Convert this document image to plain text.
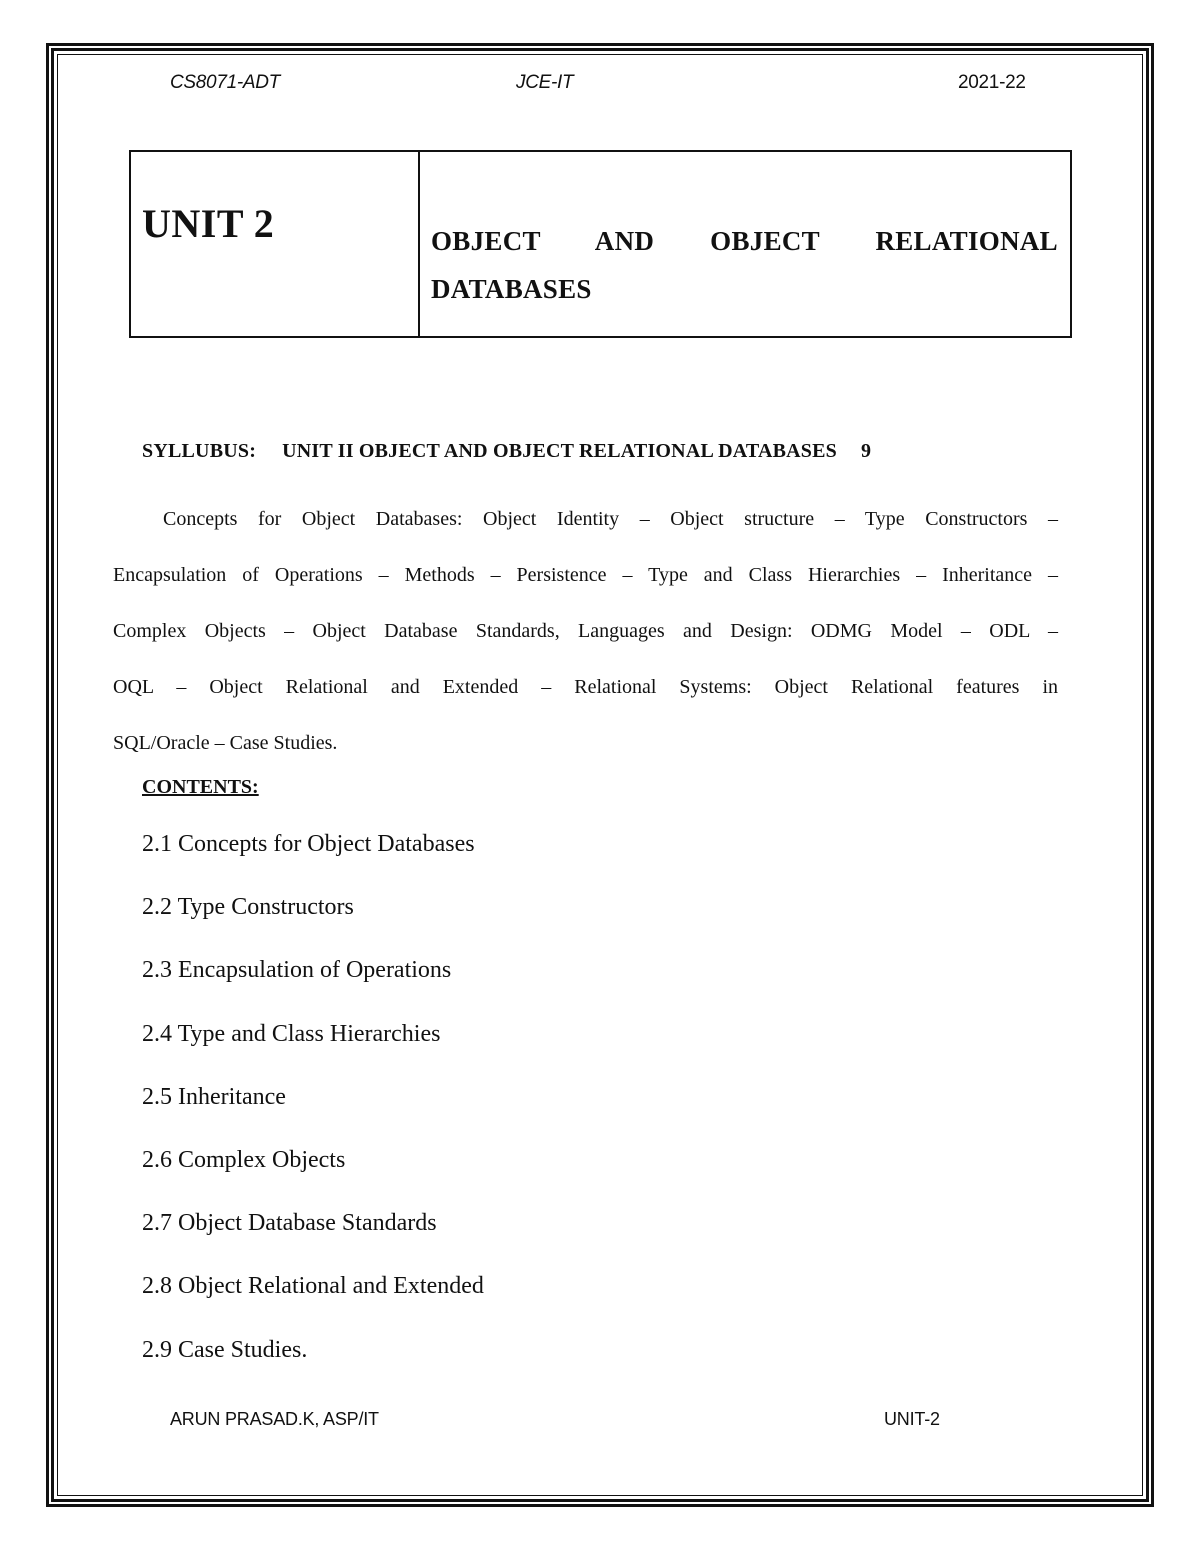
CS8071-ADT	JCE-IT	2021-22
UNIT 2	OBJECT AND OBJECT RELATIONAL
DATABASES
SYLLUBUS: UNIT II OBJECT AND OBJECT RELATIONAL DATABASES 9
Concepts for Object Databases: Object Identity – Object structure – Type Constructors –
Encapsulation of Operations – Methods – Persistence – Type and Class Hierarchies – Inheritance –
Complex Objects – Object Database Standards, Languages and Design: ODMG Model – ODL –
OQL – Object Relational and Extended – Relational Systems: Object Relational features in
SQL/Oracle – Case Studies.
CONTENTS:
2.1 Concepts for Object Databases
2.2 Type Constructors
2.3 Encapsulation of Operations
2.4 Type and Class Hierarchies
2.5 Inheritance
2.6 Complex Objects
2.7 Object Database Standards
2.8 Object Relational and Extended
2.9 Case Studies.
ARUN PRASAD.K, ASP/IT	UNIT-2
